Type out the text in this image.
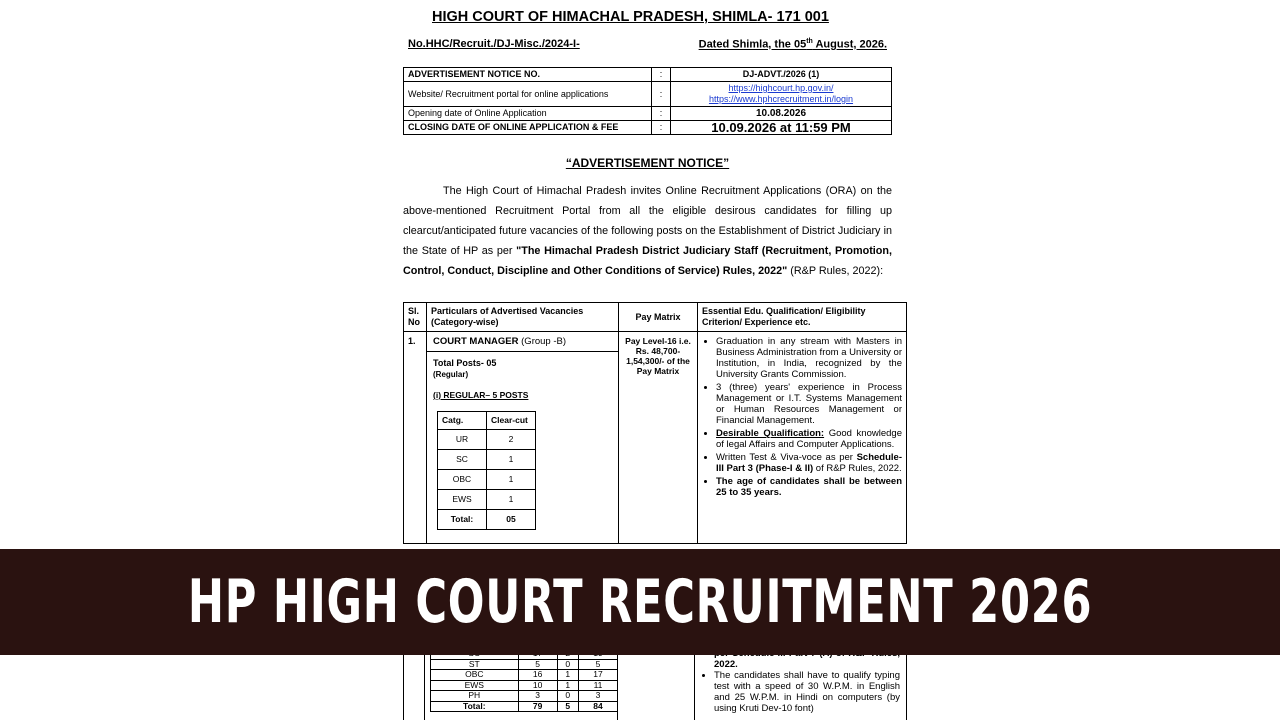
HIGH COURT OF HIMACHAL PRADESH, SHIMLA- 171 001
No.HHC/Recruit./DJ-Misc./2024-I-	Dated Shimla, the 05th August, 2026.
ADVERTISEMENT NOTICE NO.	:	DJ-ADVT./2026 (1)
Website/ Recruitment portal for online applications	:	https://highcourt.hp.gov.in/
https://www.hphcrecruitment.in/login
Opening date of Online Application	:	10.08.2026
CLOSING DATE OF ONLINE APPLICATION & FEE	:	10.09.2026 at 11:59 PM
“ADVERTISEMENT NOTICE”
The High Court of Himachal Pradesh invites Online Recruitment Applications (ORA) on the above-mentioned Recruitment Portal from all the eligible desirous candidates for filling up clearcut/anticipated future vacancies of the following posts on the Establishment of District Judiciary in the State of HP as per "The Himachal Pradesh District Judiciary Staff (Recruitment, Promotion, Control, Conduct, Discipline and Other Conditions of Service) Rules, 2022" (R&P Rules, 2022):
Sl. No	Particulars of Advertised Vacancies (Category-wise)	Pay Matrix	Essential Edu. Qualification/ Eligibility Criterion/ Experience etc.
1.	COURT MANAGER (Group -B)
Total Posts- 05
(Regular)
(i) REGULAR– 5 POSTS
Catg.	Clear-cut
UR	2
SC	1
OBC	1
EWS	1
Total:	05
	Pay Level-16 i.e. Rs. 48,700-1,54,300/- of the Pay Matrix	
• Graduation in any stream with Masters in Business Administration from a University or Institution, in India, recognized by the University Grants Commission.
• 3 (three) years' experience in Process Management or I.T. Systems Management or Human Resources Management or Financial Management.
• Desirable Qualification: Good knowledge of legal Affairs and Computer Applications.
• Written Test & Viva-voce as per Schedule-III Part 3 (Phase-I & II) of R&P Rules, 2022.
• The age of candidates shall be between 25 to 35 years.

ST	5	0	5
OBC	16	1	17
EWS	10	1	11
PH	3	0	3
Total:	79	5	84
2022.
• The candidates shall have to qualify typing test with a speed of 30 W.P.M. in English and 25 W.P.M. in Hindi on computers (by using Kruti Dev-10 font)
HP HIGH COURT RECRUITMENT 2026
